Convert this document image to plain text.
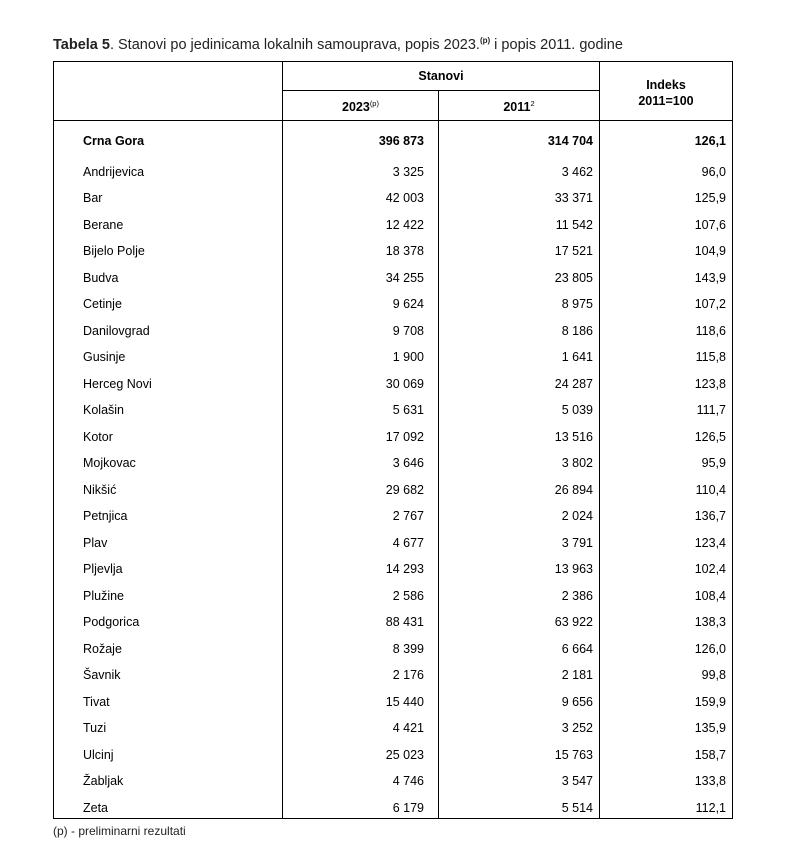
Tabela 5. Stanovi po jedinicama lokalnih samouprava, popis 2023.$^{(p)}$ i popis 2011. godine
Stanovi
2023$^{(p)}$	2011$^2$
Indeks
2011=100
Crna Gora	396 873	314 704	126,1
Andrijevica	3 325	3 462	96,0
Bar	42 003	33 371	125,9
Berane	12 422	11 542	107,6
Bijelo Polje	18 378	17 521	104,9
Budva	34 255	23 805	143,9
Cetinje	9 624	8 975	107,2
Danilovgrad	9 708	8 186	118,6
Gusinje	1 900	1 641	115,8
Herceg Novi	30 069	24 287	123,8
Kolašin	5 631	5 039	111,7
Kotor	17 092	13 516	126,5
Mojkovac	3 646	3 802	95,9
Nikšić	29 682	26 894	110,4
Petnjica	2 767	2 024	136,7
Plav	4 677	3 791	123,4
Pljevlja	14 293	13 963	102,4
Plužine	2 586	2 386	108,4
Podgorica	88 431	63 922	138,3
Rožaje	8 399	6 664	126,0
Šavnik	2 176	2 181	99,8
Tivat	15 440	9 656	159,9
Tuzi	4 421	3 252	135,9
Ulcinj	25 023	15 763	158,7
Žabljak	4 746	3 547	133,8
Zeta	6 179	5 514	112,1
(p) - preliminarni rezultati
